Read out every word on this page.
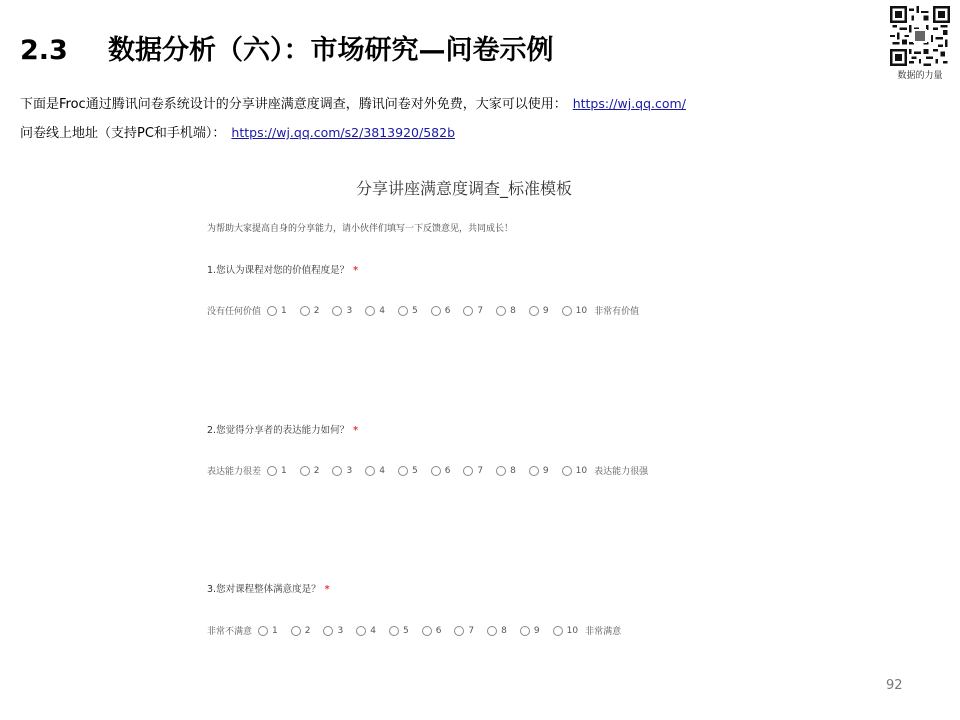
2.3 数据分析（六）：市场研究—问卷示例
数据的力量
下面是Froc通过腾讯问卷系统设计的分享讲座满意度调查，腾讯问卷对外免费，大家可以使用： https://wj.qq.com/
问卷线上地址（支持PC和手机端）： https://wj.qq.com/s2/3813920/582b
分享讲座满意度调查_标准模板
为帮助大家提高自身的分享能力，请小伙伴们填写一下反馈意见，共同成长！
1.您认为课程对您的价值程度是？ *
没有任何价值 1	2	3	4	5	6	7	8	9	10 非常有价值
2.您觉得分享者的表达能力如何？ *
表达能力很差 1	2	3	4	5	6	7	8	9	10 表达能力很强
3.您对课程整体满意度是？ *
非常不满意 1	2	3	4	5	6	7	8	9	10 非常满意
92
